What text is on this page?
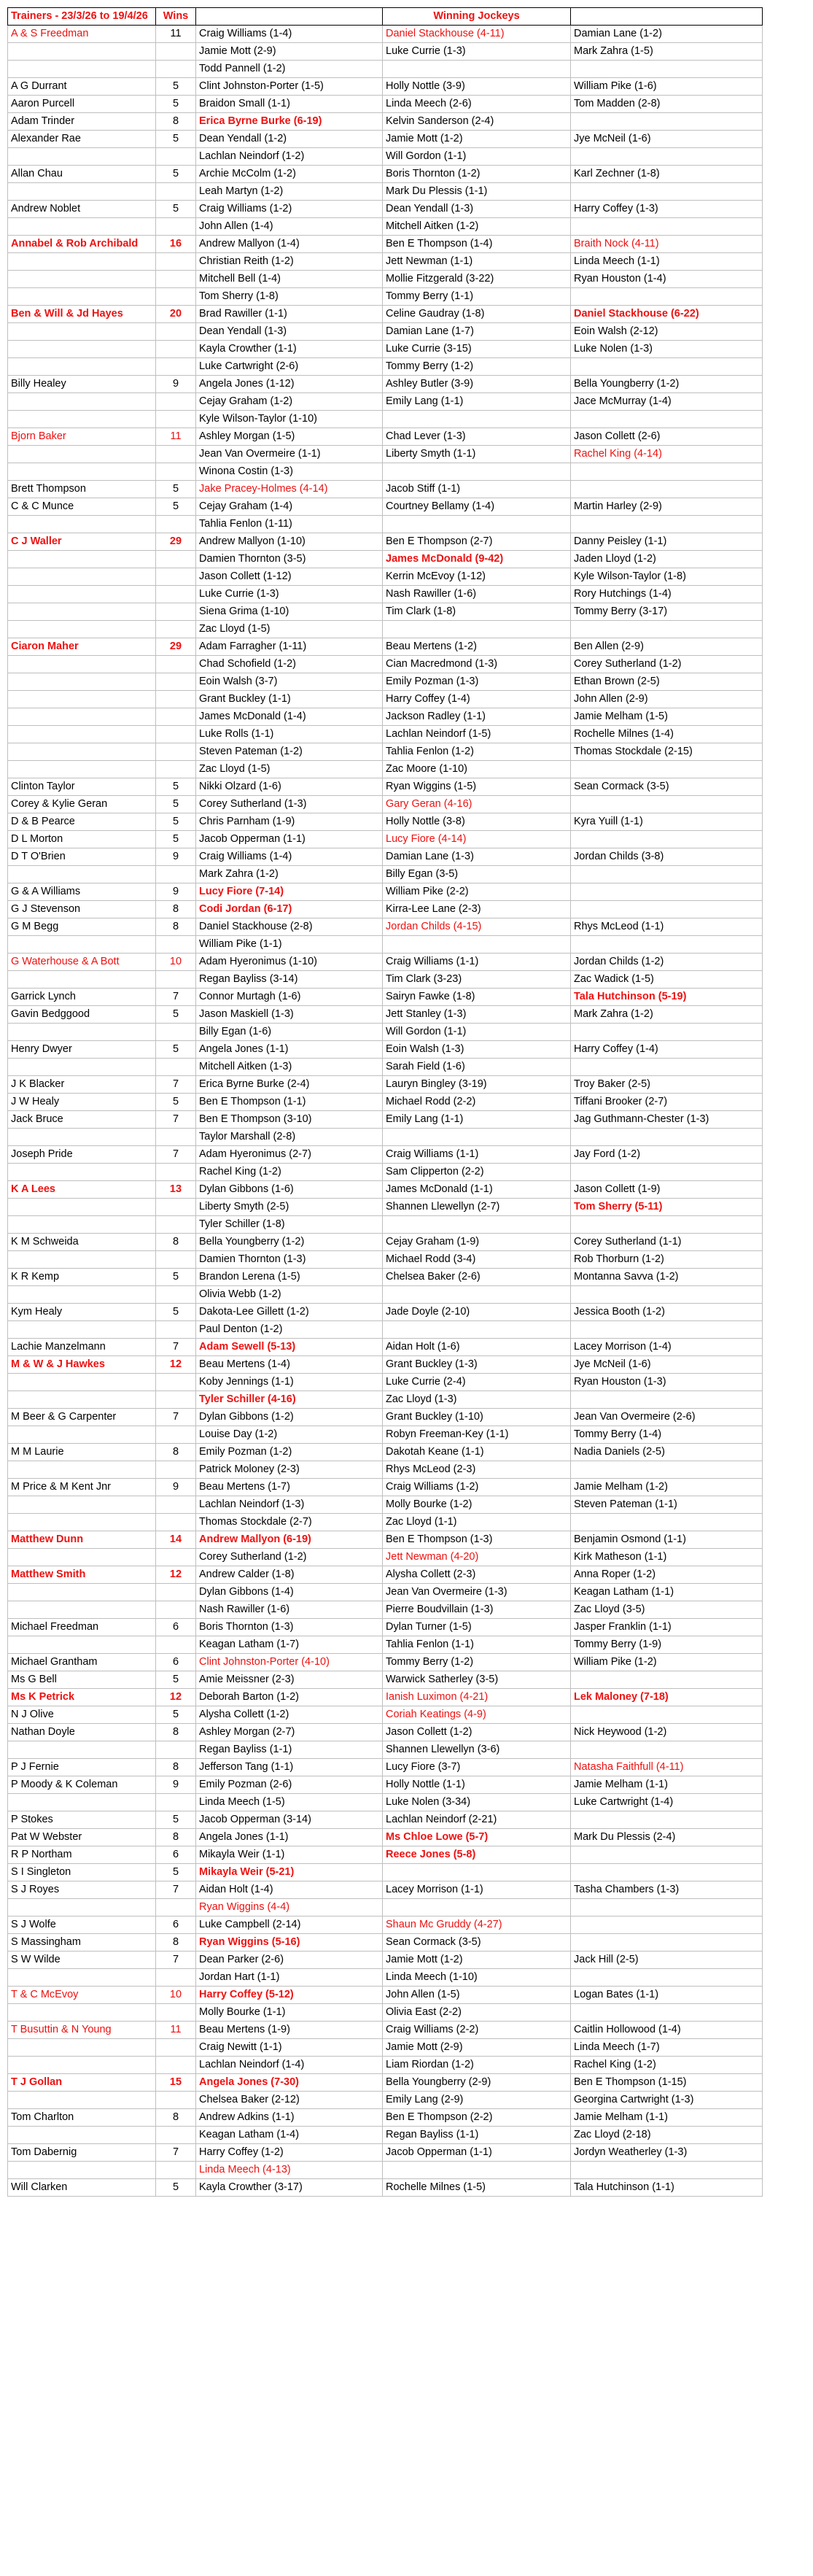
Trainers - 23/3/26 to 19/4/26	Wins		Winning Jockeys	
A & S Freedman	11	Craig Williams (1-4)	Daniel Stackhouse (4-11)	Damian Lane (1-2)
		Jamie Mott (2-9)	Luke Currie (1-3)	Mark Zahra (1-5)
		Todd Pannell (1-2)		
A G Durrant	5	Clint Johnston-Porter (1-5)	Holly Nottle (3-9)	William Pike (1-6)
Aaron Purcell	5	Braidon Small (1-1)	Linda Meech (2-6)	Tom Madden (2-8)
Adam Trinder	8	Erica Byrne Burke (6-19)	Kelvin Sanderson (2-4)	
Alexander Rae	5	Dean Yendall (1-2)	Jamie Mott (1-2)	Jye McNeil (1-6)
		Lachlan Neindorf (1-2)	Will Gordon (1-1)	
Allan Chau	5	Archie McColm (1-2)	Boris Thornton (1-2)	Karl Zechner (1-8)
		Leah Martyn (1-2)	Mark Du Plessis (1-1)	
Andrew Noblet	5	Craig Williams (1-2)	Dean Yendall (1-3)	Harry Coffey (1-3)
		John Allen (1-4)	Mitchell Aitken (1-2)	
Annabel & Rob Archibald	16	Andrew Mallyon (1-4)	Ben E Thompson (1-4)	Braith Nock (4-11)
		Christian Reith (1-2)	Jett Newman (1-1)	Linda Meech (1-1)
		Mitchell Bell (1-4)	Mollie Fitzgerald (3-22)	Ryan Houston (1-4)
		Tom Sherry (1-8)	Tommy Berry (1-1)	
Ben & Will & Jd Hayes	20	Brad Rawiller (1-1)	Celine Gaudray (1-8)	Daniel Stackhouse (6-22)
		Dean Yendall (1-3)	Damian Lane (1-7)	Eoin Walsh (2-12)
		Kayla Crowther (1-1)	Luke Currie (3-15)	Luke Nolen (1-3)
		Luke Cartwright (2-6)	Tommy Berry (1-2)	
Billy Healey	9	Angela Jones (1-12)	Ashley Butler (3-9)	Bella Youngberry (1-2)
		Cejay Graham (1-2)	Emily Lang (1-1)	Jace McMurray (1-4)
		Kyle Wilson-Taylor (1-10)		
Bjorn Baker	11	Ashley Morgan (1-5)	Chad Lever (1-3)	Jason Collett (2-6)
		Jean Van Overmeire (1-1)	Liberty Smyth (1-1)	Rachel King (4-14)
		Winona Costin (1-3)		
Brett Thompson	5	Jake Pracey-Holmes (4-14)	Jacob Stiff (1-1)	
C & C Munce	5	Cejay Graham (1-4)	Courtney Bellamy (1-4)	Martin Harley (2-9)
		Tahlia Fenlon (1-11)		
C J Waller	29	Andrew Mallyon (1-10)	Ben E Thompson (2-7)	Danny Peisley (1-1)
		Damien Thornton (3-5)	James McDonald (9-42)	Jaden Lloyd (1-2)
		Jason Collett (1-12)	Kerrin McEvoy (1-12)	Kyle Wilson-Taylor (1-8)
		Luke Currie (1-3)	Nash Rawiller (1-6)	Rory Hutchings (1-4)
		Siena Grima (1-10)	Tim Clark (1-8)	Tommy Berry (3-17)
		Zac Lloyd (1-5)		
Ciaron Maher	29	Adam Farragher (1-11)	Beau Mertens (1-2)	Ben Allen (2-9)
		Chad Schofield (1-2)	Cian Macredmond (1-3)	Corey Sutherland (1-2)
		Eoin Walsh (3-7)	Emily Pozman (1-3)	Ethan Brown (2-5)
		Grant Buckley (1-1)	Harry Coffey (1-4)	John Allen (2-9)
		James McDonald (1-4)	Jackson Radley (1-1)	Jamie Melham (1-5)
		Luke Rolls (1-1)	Lachlan Neindorf (1-5)	Rochelle Milnes (1-4)
		Steven Pateman (1-2)	Tahlia Fenlon (1-2)	Thomas Stockdale (2-15)
		Zac Lloyd (1-5)	Zac Moore (1-10)	
Clinton Taylor	5	Nikki Olzard (1-6)	Ryan Wiggins (1-5)	Sean Cormack (3-5)
Corey & Kylie Geran	5	Corey Sutherland (1-3)	Gary Geran (4-16)	
D & B Pearce	5	Chris Parnham (1-9)	Holly Nottle (3-8)	Kyra Yuill (1-1)
D L Morton	5	Jacob Opperman (1-1)	Lucy Fiore (4-14)	
D T O'Brien	9	Craig Williams (1-4)	Damian Lane (1-3)	Jordan Childs (3-8)
		Mark Zahra (1-2)	Billy Egan (3-5)	
G & A Williams	9	Lucy Fiore (7-14)	William Pike (2-2)	
G J Stevenson	8	Codi Jordan (6-17)	Kirra-Lee Lane (2-3)	
G M Begg	8	Daniel Stackhouse (2-8)	Jordan Childs (4-15)	Rhys McLeod (1-1)
		William Pike (1-1)		
G Waterhouse & A Bott	10	Adam Hyeronimus (1-10)	Craig Williams (1-1)	Jordan Childs (1-2)
		Regan Bayliss (3-14)	Tim Clark (3-23)	Zac Wadick (1-5)
Garrick Lynch	7	Connor Murtagh (1-6)	Sairyn Fawke (1-8)	Tala Hutchinson (5-19)
Gavin Bedggood	5	Jason Maskiell (1-3)	Jett Stanley (1-3)	Mark Zahra (1-2)
		Billy Egan (1-6)	Will Gordon (1-1)	
Henry Dwyer	5	Angela Jones (1-1)	Eoin Walsh (1-3)	Harry Coffey (1-4)
		Mitchell Aitken (1-3)	Sarah Field (1-6)	
J K Blacker	7	Erica Byrne Burke (2-4)	Lauryn Bingley (3-19)	Troy Baker (2-5)
J W Healy	5	Ben E Thompson (1-1)	Michael Rodd (2-2)	Tiffani Brooker (2-7)
Jack Bruce	7	Ben E Thompson (3-10)	Emily Lang (1-1)	Jag Guthmann-Chester (1-3)
		Taylor Marshall (2-8)		
Joseph Pride	7	Adam Hyeronimus (2-7)	Craig Williams (1-1)	Jay Ford (1-2)
		Rachel King (1-2)	Sam Clipperton (2-2)	
K A Lees	13	Dylan Gibbons (1-6)	James McDonald (1-1)	Jason Collett (1-9)
		Liberty Smyth (2-5)	Shannen Llewellyn (2-7)	Tom Sherry (5-11)
		Tyler Schiller (1-8)		
K M Schweida	8	Bella Youngberry (1-2)	Cejay Graham (1-9)	Corey Sutherland (1-1)
		Damien Thornton (1-3)	Michael Rodd (3-4)	Rob Thorburn (1-2)
K R Kemp	5	Brandon Lerena (1-5)	Chelsea Baker (2-6)	Montanna Savva (1-2)
		Olivia Webb (1-2)		
Kym Healy	5	Dakota-Lee Gillett (1-2)	Jade Doyle (2-10)	Jessica Booth (1-2)
		Paul Denton (1-2)		
Lachie Manzelmann	7	Adam Sewell (5-13)	Aidan Holt (1-6)	Lacey Morrison (1-4)
M & W & J Hawkes	12	Beau Mertens (1-4)	Grant Buckley (1-3)	Jye McNeil (1-6)
		Koby Jennings (1-1)	Luke Currie (2-4)	Ryan Houston (1-3)
		Tyler Schiller (4-16)	Zac Lloyd (1-3)	
M Beer & G Carpenter	7	Dylan Gibbons (1-2)	Grant Buckley (1-10)	Jean Van Overmeire (2-6)
		Louise Day (1-2)	Robyn Freeman-Key (1-1)	Tommy Berry (1-4)
M M Laurie	8	Emily Pozman (1-2)	Dakotah Keane (1-1)	Nadia Daniels (2-5)
		Patrick Moloney (2-3)	Rhys McLeod (2-3)	
M Price & M Kent Jnr	9	Beau Mertens (1-7)	Craig Williams (1-2)	Jamie Melham (1-2)
		Lachlan Neindorf (1-3)	Molly Bourke (1-2)	Steven Pateman (1-1)
		Thomas Stockdale (2-7)	Zac Lloyd (1-1)	
Matthew Dunn	14	Andrew Mallyon (6-19)	Ben E Thompson (1-3)	Benjamin Osmond (1-1)
		Corey Sutherland (1-2)	Jett Newman (4-20)	Kirk Matheson (1-1)
Matthew Smith	12	Andrew Calder (1-8)	Alysha Collett (2-3)	Anna Roper (1-2)
		Dylan Gibbons (1-4)	Jean Van Overmeire (1-3)	Keagan Latham (1-1)
		Nash Rawiller (1-6)	Pierre Boudvillain (1-3)	Zac Lloyd (3-5)
Michael Freedman	6	Boris Thornton (1-3)	Dylan Turner (1-5)	Jasper Franklin (1-1)
		Keagan Latham (1-7)	Tahlia Fenlon (1-1)	Tommy Berry (1-9)
Michael Grantham	6	Clint Johnston-Porter (4-10)	Tommy Berry (1-2)	William Pike (1-2)
Ms G Bell	5	Amie Meissner (2-3)	Warwick Satherley (3-5)	
Ms K Petrick	12	Deborah Barton (1-2)	Ianish Luximon (4-21)	Lek Maloney (7-18)
N J Olive	5	Alysha Collett (1-2)	Coriah Keatings (4-9)	
Nathan Doyle	8	Ashley Morgan (2-7)	Jason Collett (1-2)	Nick Heywood (1-2)
		Regan Bayliss (1-1)	Shannen Llewellyn (3-6)	
P J Fernie	8	Jefferson Tang (1-1)	Lucy Fiore (3-7)	Natasha Faithfull (4-11)
P Moody & K Coleman	9	Emily Pozman (2-6)	Holly Nottle (1-1)	Jamie Melham (1-1)
		Linda Meech (1-5)	Luke Nolen (3-34)	Luke Cartwright (1-4)
P Stokes	5	Jacob Opperman (3-14)	Lachlan Neindorf (2-21)	
Pat W Webster	8	Angela Jones (1-1)	Ms Chloe Lowe (5-7)	Mark Du Plessis (2-4)
R P Northam	6	Mikayla Weir (1-1)	Reece Jones (5-8)	
S I Singleton	5	Mikayla Weir (5-21)		
S J Royes	7	Aidan Holt (1-4)	Lacey Morrison (1-1)	Tasha Chambers (1-3)
		Ryan Wiggins (4-4)		
S J Wolfe	6	Luke Campbell (2-14)	Shaun Mc Gruddy (4-27)	
S Massingham	8	Ryan Wiggins (5-16)	Sean Cormack (3-5)	
S W Wilde	7	Dean Parker (2-6)	Jamie Mott (1-2)	Jack Hill (2-5)
		Jordan Hart (1-1)	Linda Meech (1-10)	
T & C McEvoy	10	Harry Coffey (5-12)	John Allen (1-5)	Logan Bates (1-1)
		Molly Bourke (1-1)	Olivia East (2-2)	
T Busuttin & N Young	11	Beau Mertens (1-9)	Craig Williams (2-2)	Caitlin Hollowood (1-4)
		Craig Newitt (1-1)	Jamie Mott (2-9)	Linda Meech (1-7)
		Lachlan Neindorf (1-4)	Liam Riordan (1-2)	Rachel King (1-2)
T J Gollan	15	Angela Jones (7-30)	Bella Youngberry (2-9)	Ben E Thompson (1-15)
		Chelsea Baker (2-12)	Emily Lang (2-9)	Georgina Cartwright (1-3)
Tom Charlton	8	Andrew Adkins (1-1)	Ben E Thompson (2-2)	Jamie Melham (1-1)
		Keagan Latham (1-4)	Regan Bayliss (1-1)	Zac Lloyd (2-18)
Tom Dabernig	7	Harry Coffey (1-2)	Jacob Opperman (1-1)	Jordyn Weatherley (1-3)
		Linda Meech (4-13)		
Will Clarken	5	Kayla Crowther (3-17)	Rochelle Milnes (1-5)	Tala Hutchinson (1-1)
